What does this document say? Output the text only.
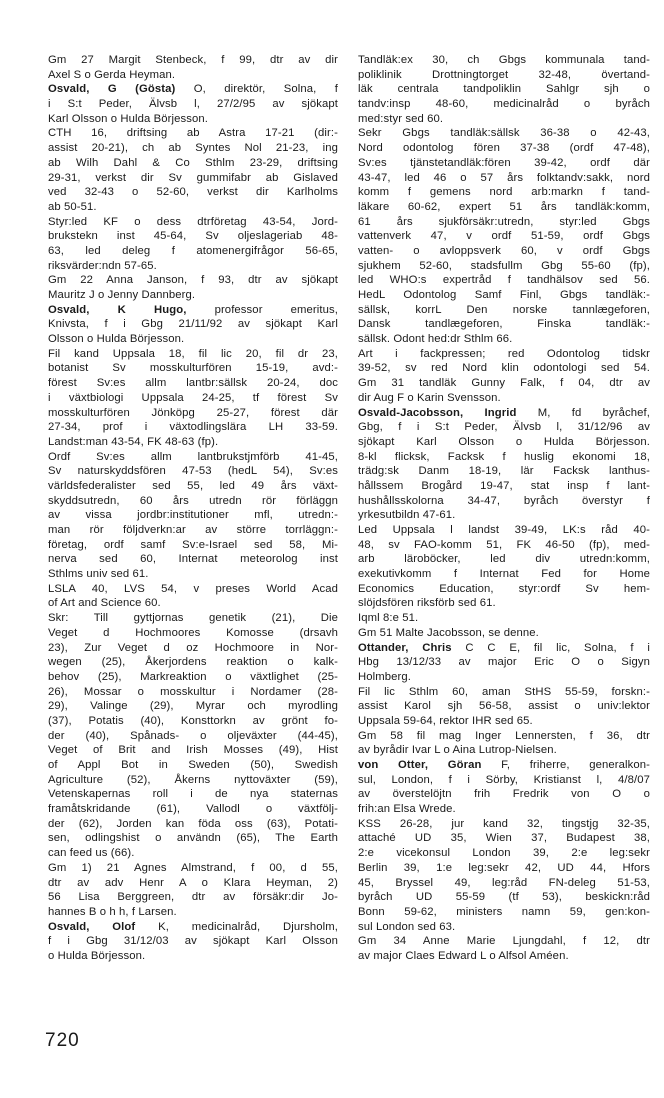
Gm 27 Margit Stenbeck, f 99, dtr av dir
Axel S o Gerda Heyman.
Osvald, G (Gösta) O, direktör, Solna, f
i S:t Peder, Älvsb l, 27/2/95 av sjökapt
Karl Olsson o Hulda Börjesson.
CTH 16, driftsing ab Astra 17-21 (dir:-
assist 20-21), ch ab Syntes Nol 21-23, ing
ab Wilh Dahl & Co Sthlm 23-29, driftsing
29-31, verkst dir Sv gummifabr ab Gislaved
ved 32-43 o 52-60, verkst dir Karlholms
ab 50-51.
Styr:led KF o dess dtrföretag 43-54, Jord-
brukstekn inst 45-64, Sv oljeslageriab 48-
63, led deleg f atomenergifrågor 56-65,
riksvärder:ndn 57-65.
Gm 22 Anna Janson, f 93, dtr av sjökapt
Mauritz J o Jenny Dannberg.
Osvald, K Hugo, professor emeritus,
Knivsta, f i Gbg 21/11/92 av sjökapt Karl
Olsson o Hulda Börjesson.
Fil kand Uppsala 18, fil lic 20, fil dr 23,
botanist Sv mosskulturfören 15-19, avd:-
förest Sv:es allm lantbr:sällsk 20-24, doc
i växtbiologi Uppsala 24-25, tf förest Sv
mosskulturfören Jönköpg 25-27, förest där
27-34, prof i växtodlingslära LH 33-59.
Landst:man 43-54, FK 48-63 (fp).
Ordf Sv:es allm lantbrukstjmförb 41-45,
Sv naturskyddsfören 47-53 (hedL 54), Sv:es
världsfederalister sed 55, led 49 års växt-
skyddsutredn, 60 års utredn rör förläggn
av vissa jordbr:institutioner mfl, utredn:-
man rör följdverkn:ar av större torrläggn:-
företag, ordf samf Sv:e-Israel sed 58, Mi-
nerva sed 60, Internat meteorolog inst
Sthlms univ sed 61.
LSLA 40, LVS 54, v preses World Acad
of Art and Science 60.
Skr: Till gyttjornas genetik (21), Die
Veget d Hochmoores Komosse (drsavh
23), Zur Veget d oz Hochmoore in Nor-
wegen (25), Åkerjordens reaktion o kalk-
behov (25), Markreaktion o växtlighet (25-
26), Mossar o mosskultur i Nordamer (28-
29), Valinge (29), Myrar och myrodling
(37), Potatis (40), Konsttorkn av grönt fo-
der (40), Spånads- o oljeväxter (44-45),
Veget of Brit and Irish Mosses (49), Hist
of Appl Bot in Sweden (50), Swedish
Agriculture (52), Åkerns nyttoväxter (59),
Vetenskapernas roll i de nya staternas
framåtskridande (61), Vallodl o växtfölj-
der (62), Jorden kan föda oss (63), Potati-
sen, odlingshist o användn (65), The Earth
can feed us (66).
Gm 1) 21 Agnes Almstrand, f 00, d 55,
dtr av adv Henr A o Klara Heyman, 2)
56 Lisa Berggreen, dtr av försäkr:dir Jo-
hannes B o h h, f Larsen.
Osvald, Olof K, medicinalråd, Djursholm,
f i Gbg 31/12/03 av sjökapt Karl Olsson
o Hulda Börjesson.
Tandläk:ex 30, ch Gbgs kommunala tand-
poliklinik Drottningtorget 32-48, övertand-
läk centrala tandpoliklin Sahlgr sjh o
tandv:insp 48-60, medicinalråd o byråch
med:styr sed 60.
Sekr Gbgs tandläk:sällsk 36-38 o 42-43,
Nord odontolog fören 37-38 (ordf 47-48),
Sv:es tjänstetandläk:fören 39-42, ordf där
43-47, led 46 o 57 års folktandv:sakk, nord
komm f gemens nord arb:markn f tand-
läkare 60-62, expert 51 års tandläk:komm,
61 års sjukförsäkr:utredn, styr:led Gbgs
vattenverk 47, v ordf 51-59, ordf Gbgs
vatten- o avloppsverk 60, v ordf Gbgs
sjukhem 52-60, stadsfullm Gbg 55-60 (fp),
led WHO:s expertråd f tandhälsov sed 56.
HedL Odontolog Samf Finl, Gbgs tandläk:-
sällsk, korrL Den norske tannlægeforen,
Dansk tandlægeforen, Finska tandläk:-
sällsk. Odont hed:dr Sthlm 66.
Art i fackpressen; red Odontolog tidskr
39-52, sv red Nord klin odontologi sed 54.
Gm 31 tandläk Gunny Falk, f 04, dtr av
dir Aug F o Karin Svensson.
Osvald-Jacobsson, Ingrid M, fd byråchef,
Gbg, f i S:t Peder, Älvsb l, 31/12/96 av
sjökapt Karl Olsson o Hulda Börjesson.
8-kl flicksk, Facksk f huslig ekonomi 18,
trädg:sk Danm 18-19, lär Facksk lanthus-
hållssem Brogård 19-47, stat insp f lant-
hushållsskolorna 34-47, byråch överstyr f
yrkesutbildn 47-61.
Led Uppsala l landst 39-49, LK:s råd 40-
48, sv FAO-komm 51, FK 46-50 (fp), med-
arb läroböcker, led div utredn:komm,
exekutivkomm f Internat Fed for Home
Economics Education, styr:ordf Sv hem-
slöjdsfören riksförb sed 61.
Iqml 8:e 51.
Gm 51 Malte Jacobsson, se denne.
Ottander, Chris C C E, fil lic, Solna, f i
Hbg 13/12/33 av major Eric O o Sigyn
Holmberg.
Fil lic Sthlm 60, aman StHS 55-59, forskn:-
assist Karol sjh 56-58, assist o univ:lektor
Uppsala 59-64, rektor IHR sed 65.
Gm 58 fil mag Inger Lennersten, f 36, dtr
av byrådir Ivar L o Aina Lutrop-Nielsen.
von Otter, Göran F, friherre, generalkon-
sul, London, f i Sörby, Kristianst l, 4/8/07
av överstelöjtn frih Fredrik von O o
frih:an Elsa Wrede.
KSS 26-28, jur kand 32, tingstjg 32-35,
attaché UD 35, Wien 37, Budapest 38,
2:e vicekonsul London 39, 2:e leg:sekr
Berlin 39, 1:e leg:sekr 42, UD 44, Hfors
45, Bryssel 49, leg:råd FN-deleg 51-53,
byråch UD 55-59 (tf 53), beskickn:råd
Bonn 59-62, ministers namn 59, gen:kon-
sul London sed 63.
Gm 34 Anne Marie Ljungdahl, f 12, dtr
av major Claes Edward L o Alfsol Améen.
720
